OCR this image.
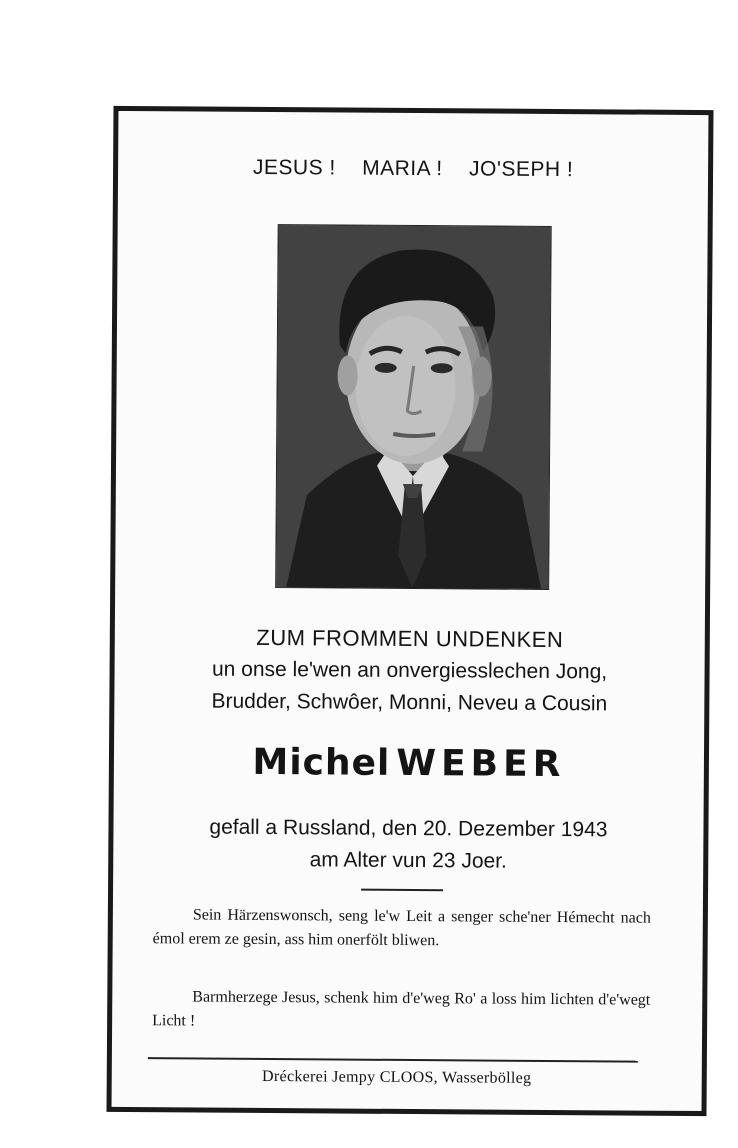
JESUS ! MARIA ! JO'SEPH !
ZUM FROMMEN UNDENKEN
un onse le'wen an onvergiesslechen Jong,
Brudder, Schwôer, Monni, Neveu a Cousin
Michel WEBER
gefall a Russland, den 20. Dezember 1943
am Alter vun 23 Joer.
Sein Härzenswonsch, seng le'w Leit a senger sche'ner Hémecht nach émol erem ze gesin, ass him onerfölt bliwen.
Barmherzege Jesus, schenk him d'e'weg Ro' a loss him lichten d'e'wegt Licht !
Dréckerei Jempy CLOOS, Wasserbölleg
